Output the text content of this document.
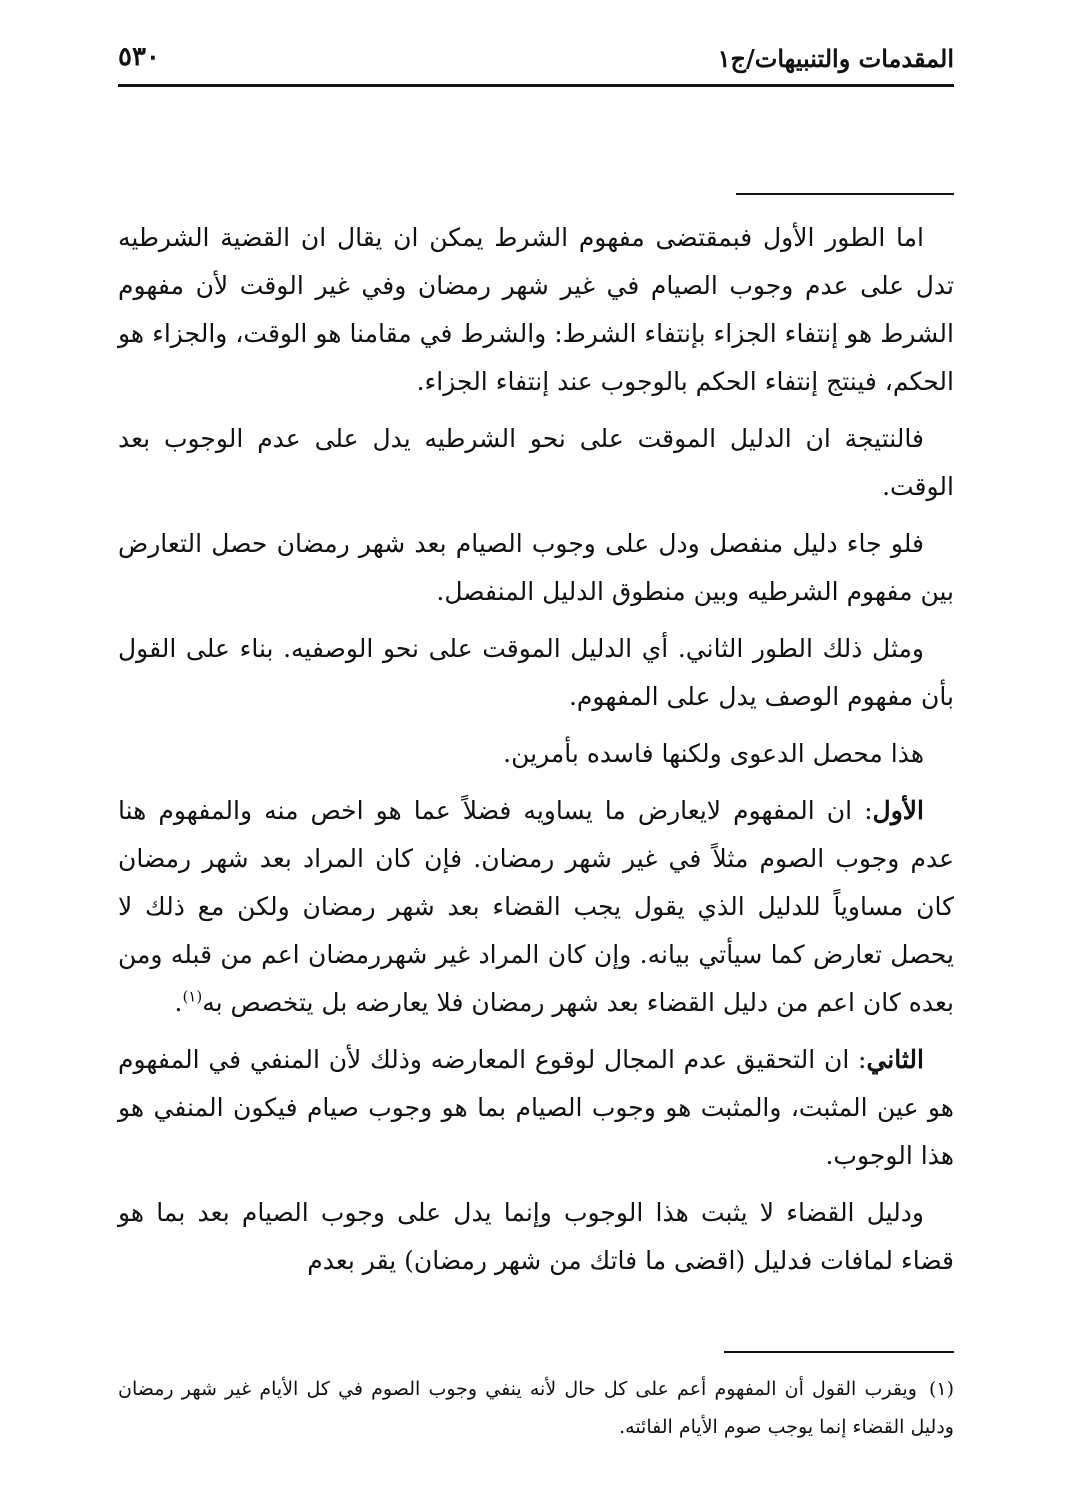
المقدمات والتنبيهات/ج١
٥٣٠

اما الطور الأول فبمقتضى مفهوم الشرط يمكن ان يقال ان القضية الشرطيه تدل على عدم وجوب الصيام في غير شهر رمضان وفي غير الوقت لأن مفهوم الشرط هو إنتفاء الجزاء بإنتفاء الشرط: والشرط في مقامنا هو الوقت، والجزاء هو الحكم، فينتج إنتفاء الحكم بالوجوب عند إنتفاء الجزاء.

فالنتيجة ان الدليل الموقت على نحو الشرطيه يدل على عدم الوجوب بعد الوقت.

فلو جاء دليل منفصل ودل على وجوب الصيام بعد شهر رمضان حصل التعارض بين مفهوم الشرطيه وبين منطوق الدليل المنفصل.

ومثل ذلك الطور الثاني. أي الدليل الموقت على نحو الوصفيه. بناء على القول بأن مفهوم الوصف يدل على المفهوم.

هذا محصل الدعوى ولكنها فاسده بأمرين.

الأول: ان المفهوم لايعارض ما يساويه فضلاً عما هو اخص منه والمفهوم هنا عدم وجوب الصوم مثلاً في غير شهر رمضان. فإن كان المراد بعد شهر رمضان كان مساوياً للدليل الذي يقول يجب القضاء بعد شهر رمضان ولكن مع ذلك لا يحصل تعارض كما سيأتي بيانه. وإن كان المراد غير شهررمضان اعم من قبله ومن بعده كان اعم من دليل القضاء بعد شهر رمضان فلا يعارضه بل يتخصص به$^{(١)}$.

الثاني: ان التحقيق عدم المجال لوقوع المعارضه وذلك لأن المنفي في المفهوم هو عين المثبت، والمثبت هو وجوب الصيام بما هو وجوب صيام فيكون المنفي هو هذا الوجوب.

ودليل القضاء لا يثبت هذا الوجوب وإنما يدل على وجوب الصيام بعد بما هو قضاء لمافات فدليل (اقضى ما فاتك من شهر رمضان) يقر بعدم

(١)ويقرب القول أن المفهوم أعم على كل حال لأنه ينفي وجوب الصوم في كل الأيام غير شهر رمضان ودليل القضاء إنما يوجب صوم الأيام الفائته.
